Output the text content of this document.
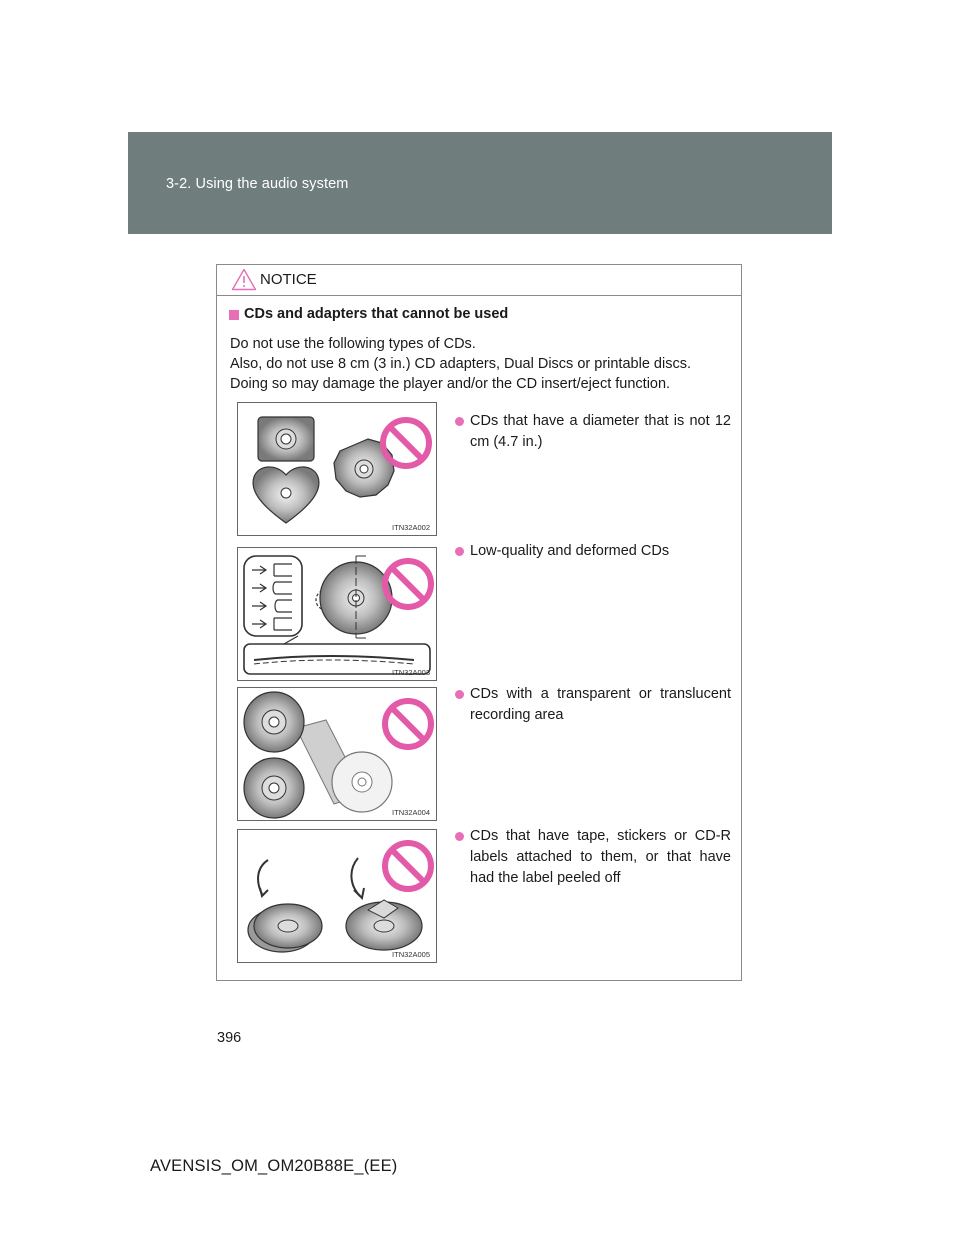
3-2. Using the audio system
NOTICE
CDs and adapters that cannot be used
Do not use the following types of CDs.
Also, do not use 8 cm (3 in.) CD adapters, Dual Discs or printable discs.
Doing so may damage the player and/or the CD insert/eject function.
ITN32A002
ITN32A003
ITN32A004
ITN32A005
CDs that have a diameter that is not 12 cm (4.7 in.)
Low-quality and deformed CDs
CDs with a transparent or translucent recording area
CDs that have tape, stickers or CD-R labels attached to them, or that have had the label peeled off
396
AVENSIS_OM_OM20B88E_(EE)
